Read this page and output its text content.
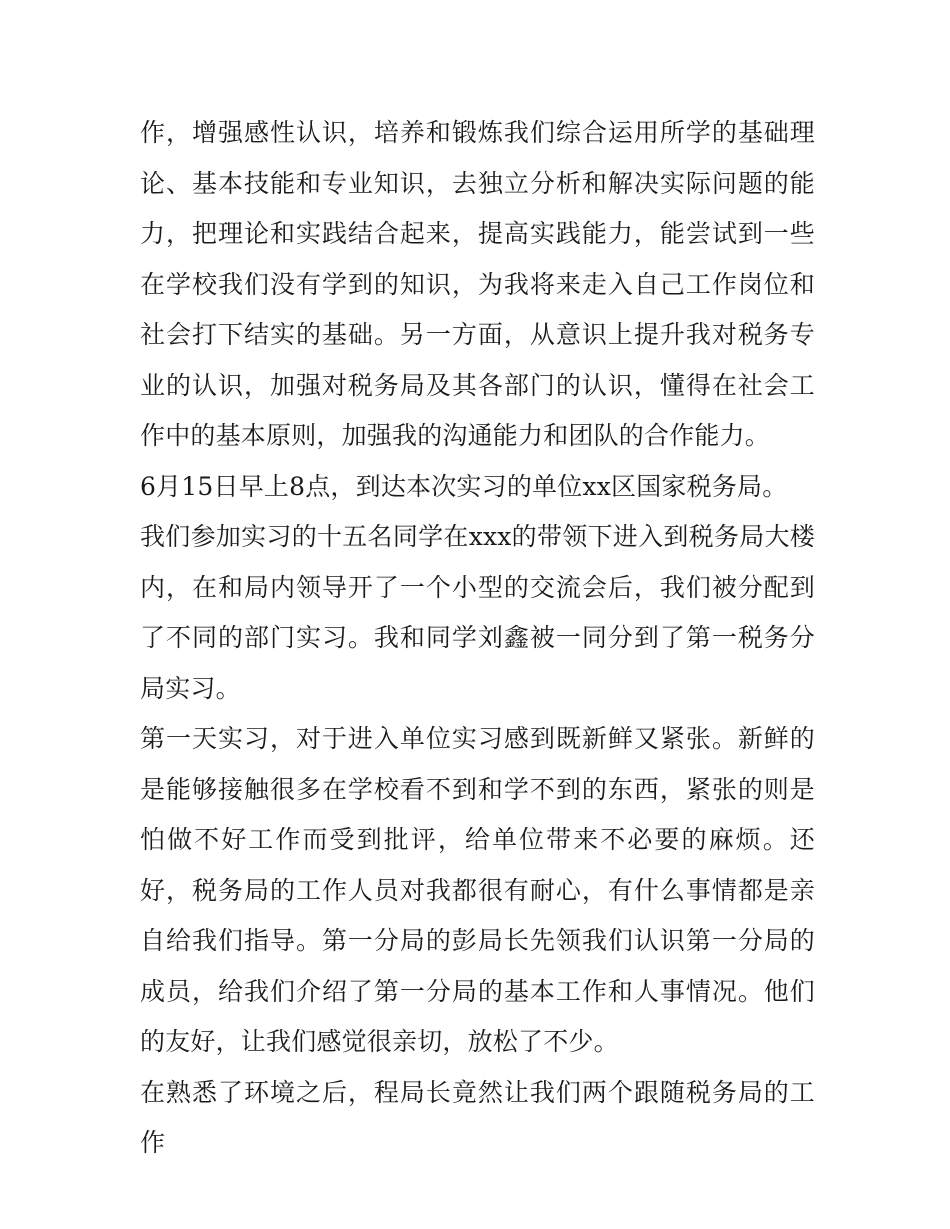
作，增强感性认识，培养和锻炼我们综合运用所学的基础理论、基本技能和专业知识，去独立分析和解决实际问题的能力，把理论和实践结合起来，提高实践能力，能尝试到一些在学校我们没有学到的知识，为我将来走入自己工作岗位和社会打下结实的基础。另一方面，从意识上提升我对税务专业的认识，加强对税务局及其各部门的认识，懂得在社会工作中的基本原则，加强我的沟通能力和团队的合作能力。

6月15日早上8点，到达本次实习的单位xx区国家税务局。

我们参加实习的十五名同学在xxx的带领下进入到税务局大楼内，在和局内领导开了一个小型的交流会后，我们被分配到了不同的部门实习。我和同学刘鑫被一同分到了第一税务分局实习。

第一天实习，对于进入单位实习感到既新鲜又紧张。新鲜的是能够接触很多在学校看不到和学不到的东西，紧张的则是怕做不好工作而受到批评，给单位带来不必要的麻烦。还好，税务局的工作人员对我都很有耐心，有什么事情都是亲自给我们指导。第一分局的彭局长先领我们认识第一分局的成员，给我们介绍了第一分局的基本工作和人事情况。他们的友好，让我们感觉很亲切，放松了不少。

在熟悉了环境之后，程局长竟然让我们两个跟随税务局的工作
